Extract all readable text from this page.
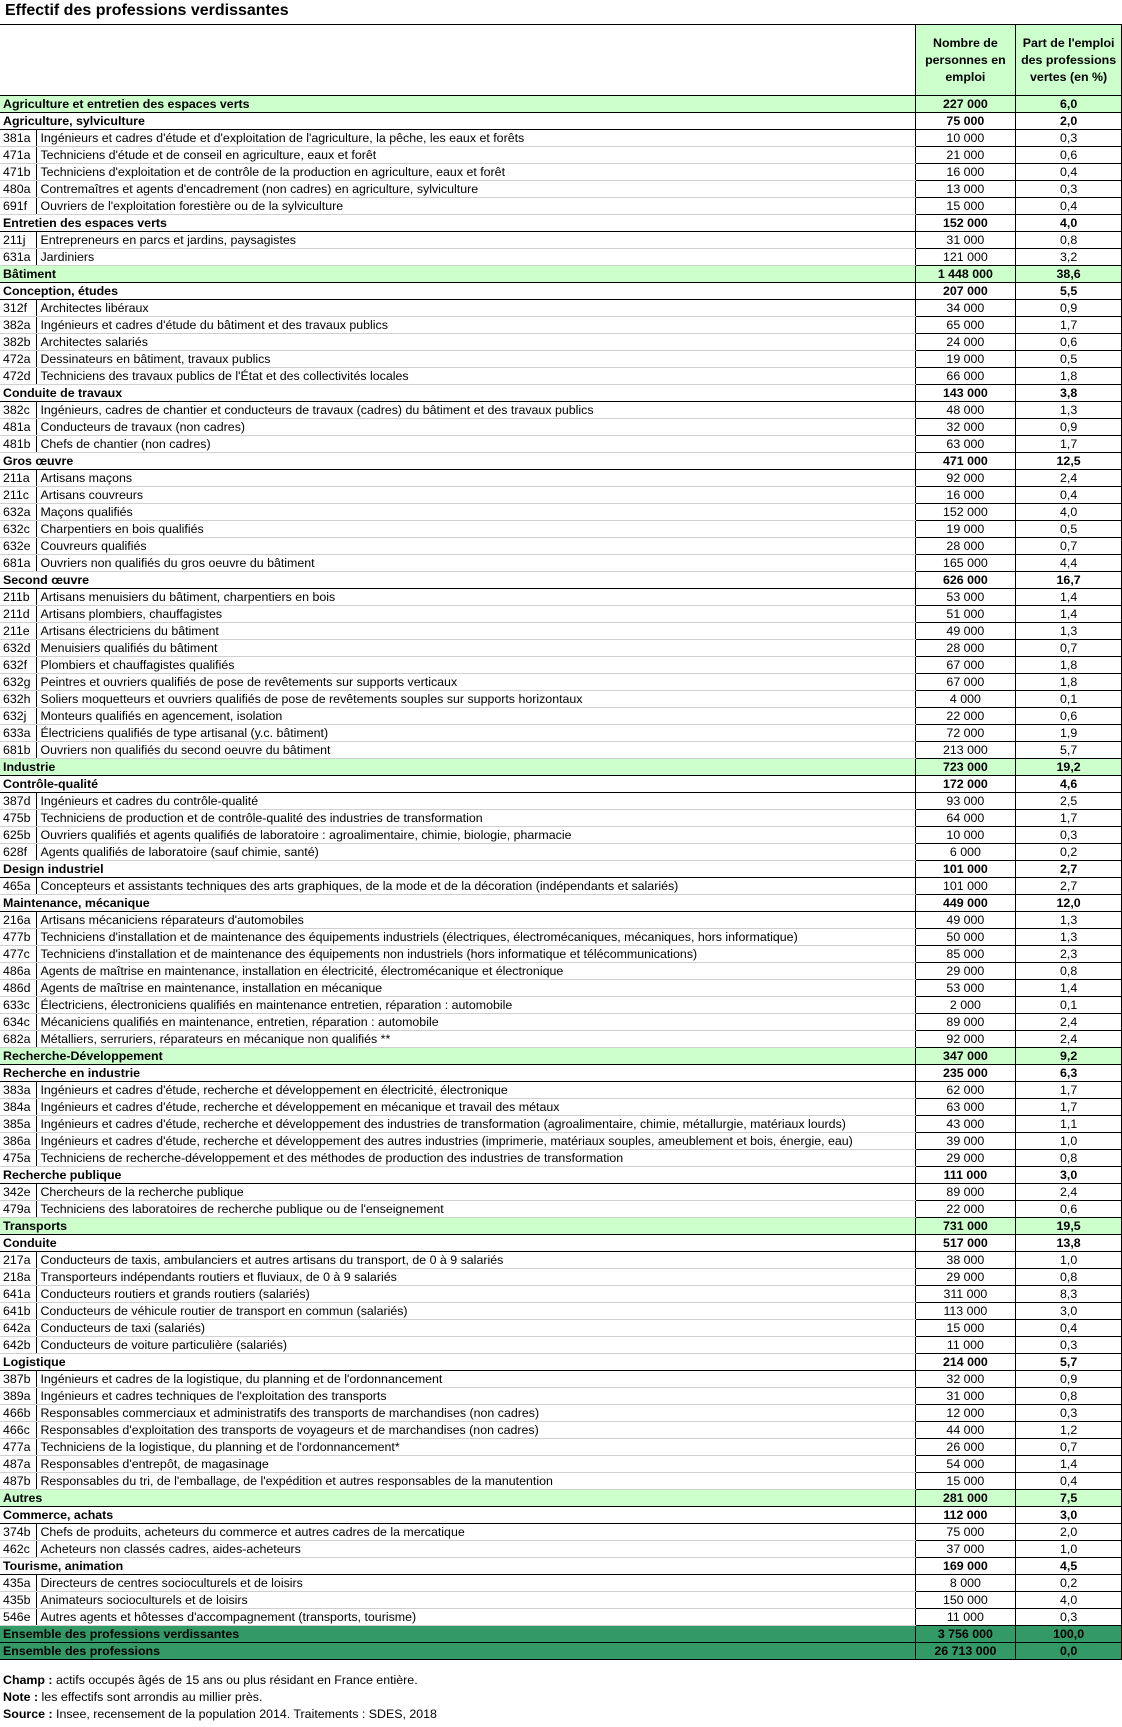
Effectif des professions verdissantes
		Nombre de personnes en emploi	Part de l'emploi des professions vertes (en %)
Agriculture et entretien des espaces verts		227 000	6,0
Agriculture, sylviculture		75 000	2,0
381a	Ingénieurs et cadres d'étude et d'exploitation de l'agriculture, la pêche, les eaux et forêts	10 000	0,3
471a	Techniciens d'étude et de conseil en agriculture, eaux et forêt	21 000	0,6
471b	Techniciens d'exploitation et de contrôle de la production en agriculture, eaux et forêt	16 000	0,4
480a	Contremaîtres et agents d'encadrement (non cadres) en agriculture, sylviculture	13 000	0,3
691f	Ouvriers de l'exploitation forestière ou de la sylviculture	15 000	0,4
Entretien des espaces verts		152 000	4,0
211j	Entrepreneurs en parcs et jardins, paysagistes	31 000	0,8
631a	Jardiniers	121 000	3,2
Bâtiment		1 448 000	38,6
Conception, études		207 000	5,5
312f	Architectes libéraux	34 000	0,9
382a	Ingénieurs et cadres d'étude du bâtiment et des travaux publics	65 000	1,7
382b	Architectes salariés	24 000	0,6
472a	Dessinateurs en bâtiment, travaux publics	19 000	0,5
472d	Techniciens des travaux publics de l'État et des collectivités locales	66 000	1,8
Conduite de travaux		143 000	3,8
382c	Ingénieurs, cadres de chantier et conducteurs de travaux (cadres) du bâtiment et des travaux publics	48 000	1,3
481a	Conducteurs de travaux (non cadres)	32 000	0,9
481b	Chefs de chantier (non cadres)	63 000	1,7
Gros œuvre		471 000	12,5
211a	Artisans maçons	92 000	2,4
211c	Artisans couvreurs	16 000	0,4
632a	Maçons qualifiés	152 000	4,0
632c	Charpentiers en bois qualifiés	19 000	0,5
632e	Couvreurs qualifiés	28 000	0,7
681a	Ouvriers non qualifiés du gros oeuvre du bâtiment	165 000	4,4
Second œuvre		626 000	16,7
211b	Artisans menuisiers du bâtiment, charpentiers en bois	53 000	1,4
211d	Artisans plombiers, chauffagistes	51 000	1,4
211e	Artisans électriciens du bâtiment	49 000	1,3
632d	Menuisiers qualifiés du bâtiment	28 000	0,7
632f	Plombiers et chauffagistes qualifiés	67 000	1,8
632g	Peintres et ouvriers qualifiés de pose de revêtements sur supports verticaux	67 000	1,8
632h	Soliers moquetteurs et ouvriers qualifiés de pose de revêtements souples sur supports horizontaux	4 000	0,1
632j	Monteurs qualifiés en agencement, isolation	22 000	0,6
633a	Électriciens qualifiés de type artisanal (y.c. bâtiment)	72 000	1,9
681b	Ouvriers non qualifiés du second oeuvre du bâtiment	213 000	5,7
Industrie		723 000	19,2
Contrôle-qualité		172 000	4,6
387d	Ingénieurs et cadres du contrôle-qualité	93 000	2,5
475b	Techniciens de production et de contrôle-qualité des industries de transformation	64 000	1,7
625b	Ouvriers qualifiés et agents qualifiés de laboratoire : agroalimentaire, chimie, biologie, pharmacie	10 000	0,3
628f	Agents qualifiés de laboratoire (sauf chimie, santé)	6 000	0,2
Design industriel		101 000	2,7
465a	Concepteurs et assistants techniques des arts graphiques, de la mode et de la décoration (indépendants et salariés)	101 000	2,7
Maintenance, mécanique		449 000	12,0
216a	Artisans mécaniciens réparateurs d'automobiles	49 000	1,3
477b	Techniciens d'installation et de maintenance des équipements industriels (électriques, électromécaniques, mécaniques, hors informatique)	50 000	1,3
477c	Techniciens d'installation et de maintenance des équipements non industriels (hors informatique et télécommunications)	85 000	2,3
486a	Agents de maîtrise en maintenance, installation en électricité, électromécanique et électronique	29 000	0,8
486d	Agents de maîtrise en maintenance, installation en mécanique	53 000	1,4
633c	Électriciens, électroniciens qualifiés en maintenance entretien, réparation : automobile	2 000	0,1
634c	Mécaniciens qualifiés en maintenance, entretien, réparation : automobile	89 000	2,4
682a	Métalliers, serruriers, réparateurs en mécanique non qualifiés **	92 000	2,4
Recherche-Développement		347 000	9,2
Recherche en industrie		235 000	6,3
383a	Ingénieurs et cadres d'étude, recherche et développement en électricité, électronique	62 000	1,7
384a	Ingénieurs et cadres d'étude, recherche et développement en mécanique et travail des métaux	63 000	1,7
385a	Ingénieurs et cadres d'étude, recherche et développement des industries de transformation (agroalimentaire, chimie, métallurgie, matériaux lourds)	43 000	1,1
386a	Ingénieurs et cadres d'étude, recherche et développement des autres industries (imprimerie, matériaux souples, ameublement et bois, énergie, eau)	39 000	1,0
475a	Techniciens de recherche-développement et des méthodes de production des industries de transformation	29 000	0,8
Recherche publique		111 000	3,0
342e	Chercheurs de la recherche publique	89 000	2,4
479a	Techniciens des laboratoires de recherche publique ou de l'enseignement	22 000	0,6
Transports		731 000	19,5
Conduite		517 000	13,8
217a	Conducteurs de taxis, ambulanciers et autres artisans du transport, de 0 à 9 salariés	38 000	1,0
218a	Transporteurs indépendants routiers et fluviaux, de 0 à 9 salariés	29 000	0,8
641a	Conducteurs routiers et grands routiers (salariés)	311 000	8,3
641b	Conducteurs de véhicule routier de transport en commun (salariés)	113 000	3,0
642a	Conducteurs de taxi (salariés)	15 000	0,4
642b	Conducteurs de voiture particulière (salariés)	11 000	0,3
Logistique		214 000	5,7
387b	Ingénieurs et cadres de la logistique, du planning et de l'ordonnancement	32 000	0,9
389a	Ingénieurs et cadres techniques de l'exploitation des transports	31 000	0,8
466b	Responsables commerciaux et administratifs des transports de marchandises (non cadres)	12 000	0,3
466c	Responsables d'exploitation des transports de voyageurs et de marchandises (non cadres)	44 000	1,2
477a	Techniciens de la logistique, du planning et de l'ordonnancement*	26 000	0,7
487a	Responsables d'entrepôt, de magasinage	54 000	1,4
487b	Responsables du tri, de l'emballage, de l'expédition et autres responsables de la manutention	15 000	0,4
Autres		281 000	7,5
Commerce, achats		112 000	3,0
374b	Chefs de produits, acheteurs du commerce et autres cadres de la mercatique	75 000	2,0
462c	Acheteurs non classés cadres, aides-acheteurs	37 000	1,0
Tourisme, animation		169 000	4,5
435a	Directeurs de centres socioculturels et de loisirs	8 000	0,2
435b	Animateurs socioculturels et de loisirs	150 000	4,0
546e	Autres agents et hôtesses d'accompagnement (transports, tourisme)	11 000	0,3
Ensemble des professions verdissantes		3 756 000	100,0
Ensemble des professions		26 713 000	0,0
Champ : actifs occupés âgés de 15 ans ou plus résidant en France entière.
Note : les effectifs sont arrondis au millier près.
Source : Insee, recensement de la population 2014. Traitements : SDES, 2018
